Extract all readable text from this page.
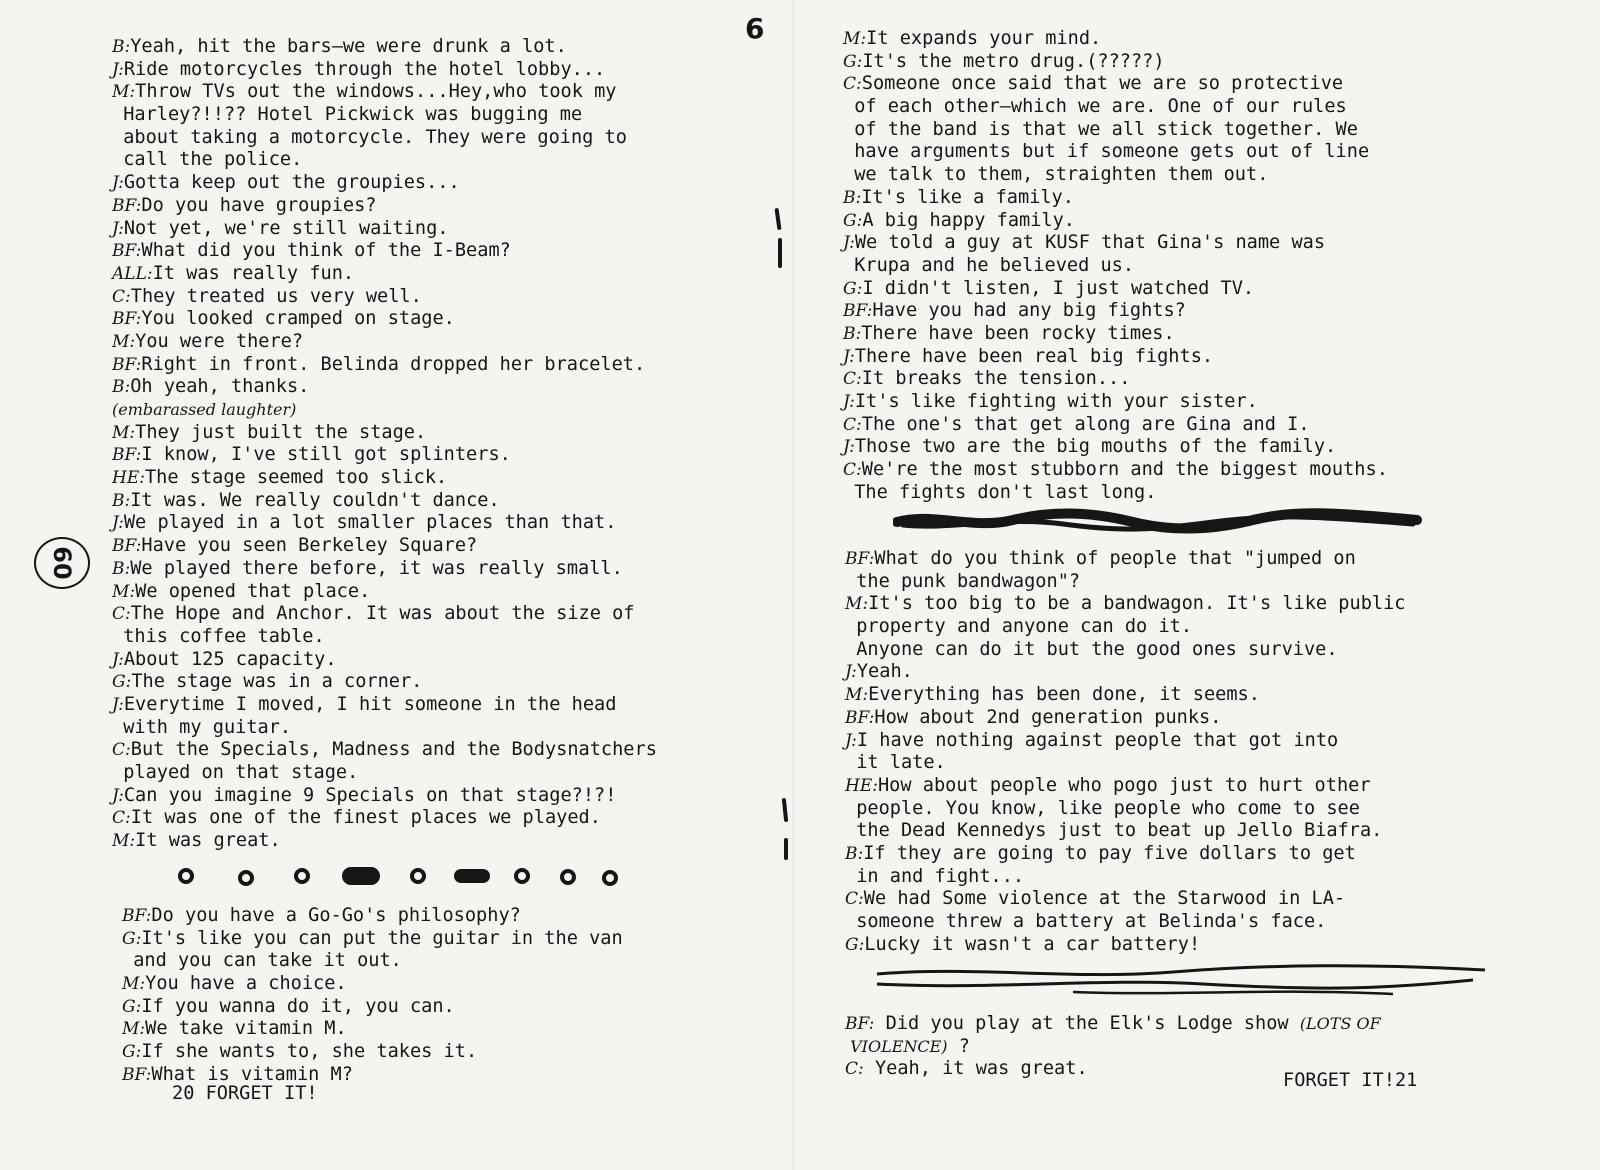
6
60
B:Yeah, hit the bars—we were drunk a lot.
J:Ride motorcycles through the hotel lobby...
M:Throw TVs out the windows...Hey,who took my
Harley?!!?? Hotel Pickwick was bugging me
about taking a motorcycle. They were going to
call the police.
J:Gotta keep out the groupies...
BF:Do you have groupies?
J:Not yet, we're still waiting.
BF:What did you think of the I-Beam?
ALL:It was really fun.
C:They treated us very well.
BF:You looked cramped on stage.
M:You were there?
BF:Right in front. Belinda dropped her bracelet.
B:Oh yeah, thanks.
(embarassed laughter)
M:They just built the stage.
BF:I know, I've still got splinters.
HE:The stage seemed too slick.
B:It was. We really couldn't dance.
J:We played in a lot smaller places than that.
BF:Have you seen Berkeley Square?
B:We played there before, it was really small.
M:We opened that place.
C:The Hope and Anchor. It was about the size of
this coffee table.
J:About 125 capacity.
G:The stage was in a corner.
J:Everytime I moved, I hit someone in the head
with my guitar.
C:But the Specials, Madness and the Bodysnatchers
played on that stage.
J:Can you imagine 9 Specials on that stage?!?!
C:It was one of the finest places we played.
M:It was great.
BF:Do you have a Go-Go's philosophy?
G:It's like you can put the guitar in the van
and you can take it out.
M:You have a choice.
G:If you wanna do it, you can.
M:We take vitamin M.
G:If she wants to, she takes it.
BF:What is vitamin M?
20 FORGET IT!
M:It expands your mind.
G:It's the metro drug.(?????)
C:Someone once said that we are so protective
of each other—which we are. One of our rules
of the band is that we all stick together. We
have arguments but if someone gets out of line
we talk to them, straighten them out.
B:It's like a family.
G:A big happy family.
J:We told a guy at KUSF that Gina's name was
Krupa and he believed us.
G:I didn't listen, I just watched TV.
BF:Have you had any big fights?
B:There have been rocky times.
J:There have been real big fights.
C:It breaks the tension...
J:It's like fighting with your sister.
C:The one's that get along are Gina and I.
J:Those two are the big mouths of the family.
C:We're the most stubborn and the biggest mouths.
The fights don't last long.
BF:What do you think of people that "jumped on
the punk bandwagon"?
M:It's too big to be a bandwagon. It's like public
property and anyone can do it.
Anyone can do it but the good ones survive.
J:Yeah.
M:Everything has been done, it seems.
BF:How about 2nd generation punks.
J:I have nothing against people that got into
it late.
HE:How about people who pogo just to hurt other
people. You know, like people who come to see
the Dead Kennedys just to beat up Jello Biafra.
B:If they are going to pay five dollars to get
in and fight...
C:We had Some violence at the Starwood in LA-
someone threw a battery at Belinda's face.
G:Lucky it wasn't a car battery!
BF: Did you play at the Elk's Lodge show (LOTS OF
VIOLENCE) ?
C: Yeah, it was great.
FORGET IT!21
